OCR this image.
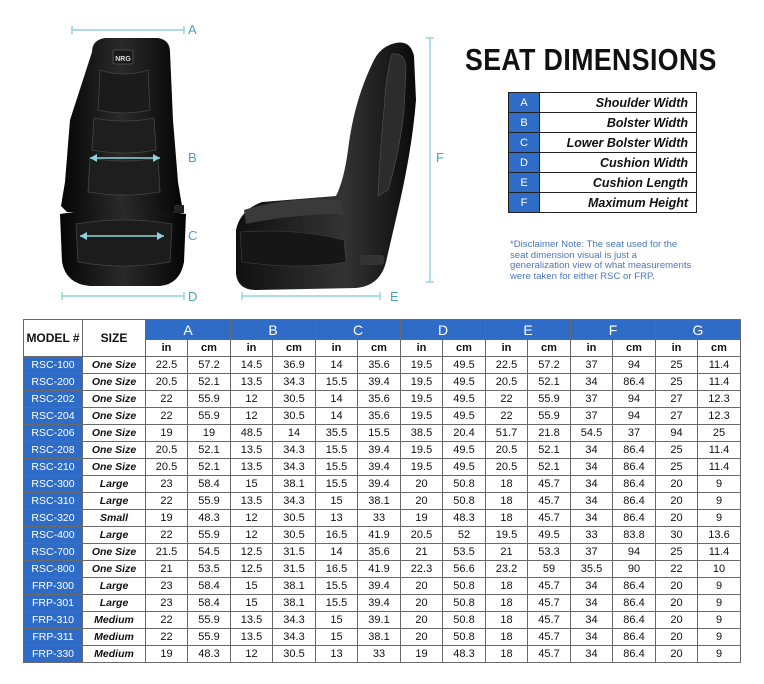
NRG
A
B
C
D	E
F
SEAT DIMENSIONS
A	Shoulder Width
B	Bolster Width
C	Lower Bolster Width
D	Cushion Width
E	Cushion Length
F	Maximum Height
*Disclaimer Note: The seat used for the seat dimension visual is just a generalization view of what measurements were taken for either RSC or FRP.
MODEL #	SIZE	A		B		C		D		E		F		G	
		in	cm	in	cm	in	cm	in	cm	in	cm	in	cm	in	cm
RSC-100	One Size	22.5	57.2	14.5	36.9	14	35.6	19.5	49.5	22.5	57.2	37	94	25	11.4
RSC-200	One Size	20.5	52.1	13.5	34.3	15.5	39.4	19.5	49.5	20.5	52.1	34	86.4	25	11.4
RSC-202	One Size	22	55.9	12	30.5	14	35.6	19.5	49.5	22	55.9	37	94	27	12.3
RSC-204	One Size	22	55.9	12	30.5	14	35.6	19.5	49.5	22	55.9	37	94	27	12.3
RSC-206	One Size	19	19	48.5	14	35.5	15.5	38.5	20.4	51.7	21.8	54.5	37	94	25
RSC-208	One Size	20.5	52.1	13.5	34.3	15.5	39.4	19.5	49.5	20.5	52.1	34	86.4	25	11.4
RSC-210	One Size	20.5	52.1	13.5	34.3	15.5	39.4	19.5	49.5	20.5	52.1	34	86.4	25	11.4
RSC-300	Large	23	58.4	15	38.1	15.5	39.4	20	50.8	18	45.7	34	86.4	20	9
RSC-310	Large	22	55.9	13.5	34.3	15	38.1	20	50.8	18	45.7	34	86.4	20	9
RSC-320	Small	19	48.3	12	30.5	13	33	19	48.3	18	45.7	34	86.4	20	9
RSC-400	Large	22	55.9	12	30.5	16.5	41.9	20.5	52	19.5	49.5	33	83.8	30	13.6
RSC-700	One Size	21.5	54.5	12.5	31.5	14	35.6	21	53.5	21	53.3	37	94	25	11.4
RSC-800	One Size	21	53.5	12.5	31.5	16.5	41.9	22.3	56.6	23.2	59	35.5	90	22	10
FRP-300	Large	23	58.4	15	38.1	15.5	39.4	20	50.8	18	45.7	34	86.4	20	9
FRP-301	Large	23	58.4	15	38.1	15.5	39.4	20	50.8	18	45.7	34	86.4	20	9
FRP-310	Medium	22	55.9	13.5	34.3	15	39.1	20	50.8	18	45.7	34	86.4	20	9
FRP-311	Medium	22	55.9	13.5	34.3	15	38.1	20	50.8	18	45.7	34	86.4	20	9
FRP-330	Medium	19	48.3	12	30.5	13	33	19	48.3	18	45.7	34	86.4	20	9
